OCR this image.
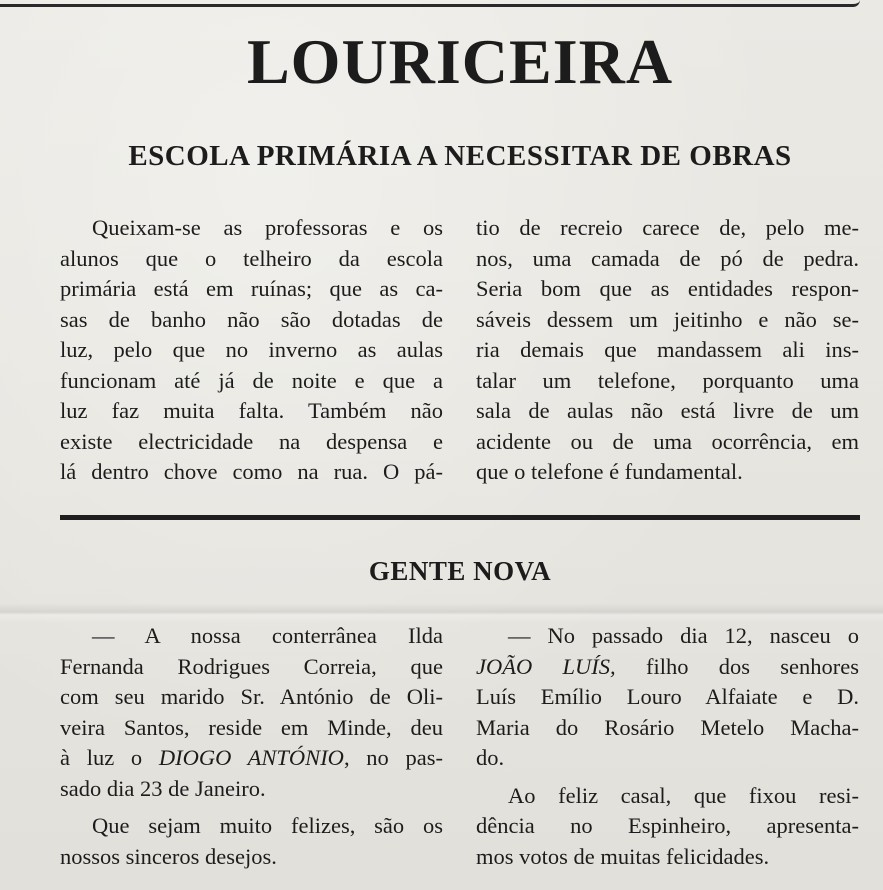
LOURICEIRA
ESCOLA PRIMÁRIA A NECESSITAR DE OBRAS

Queixam-se as professoras e os

alunos que o telheiro da escola

primária está em ruínas; que as ca-

sas de banho não são dotadas de

luz, pelo que no inverno as aulas

funcionam até já de noite e que a

luz faz muita falta. Também não

existe electricidade na despensa e

lá dentro chove como na rua. O pá-

tio de recreio carece de, pelo me-

nos, uma camada de pó de pedra.

Seria bom que as entidades respon-

sáveis dessem um jeitinho e não se-

ria demais que mandassem ali ins-

talar um telefone, porquanto uma

sala de aulas não está livre de um

acidente ou de uma ocorrência, em

que o telefone é fundamental.

GENTE NOVA

— A nossa conterrânea Ilda

Fernanda Rodrigues Correia, que

com seu marido Sr. António de Oli-

veira Santos, reside em Minde, deu

à luz o DIOGO ANTÓNIO, no pas-

sado dia 23 de Janeiro.

Que sejam muito felizes, são os

nossos sinceros desejos.

— No passado dia 12, nasceu o

JOÃO LUÍS, filho dos senhores

Luís Emílio Louro Alfaiate e D.

Maria do Rosário Metelo Macha-

do.

Ao feliz casal, que fixou resi-

dência no Espinheiro, apresenta-

mos votos de muitas felicidades.
